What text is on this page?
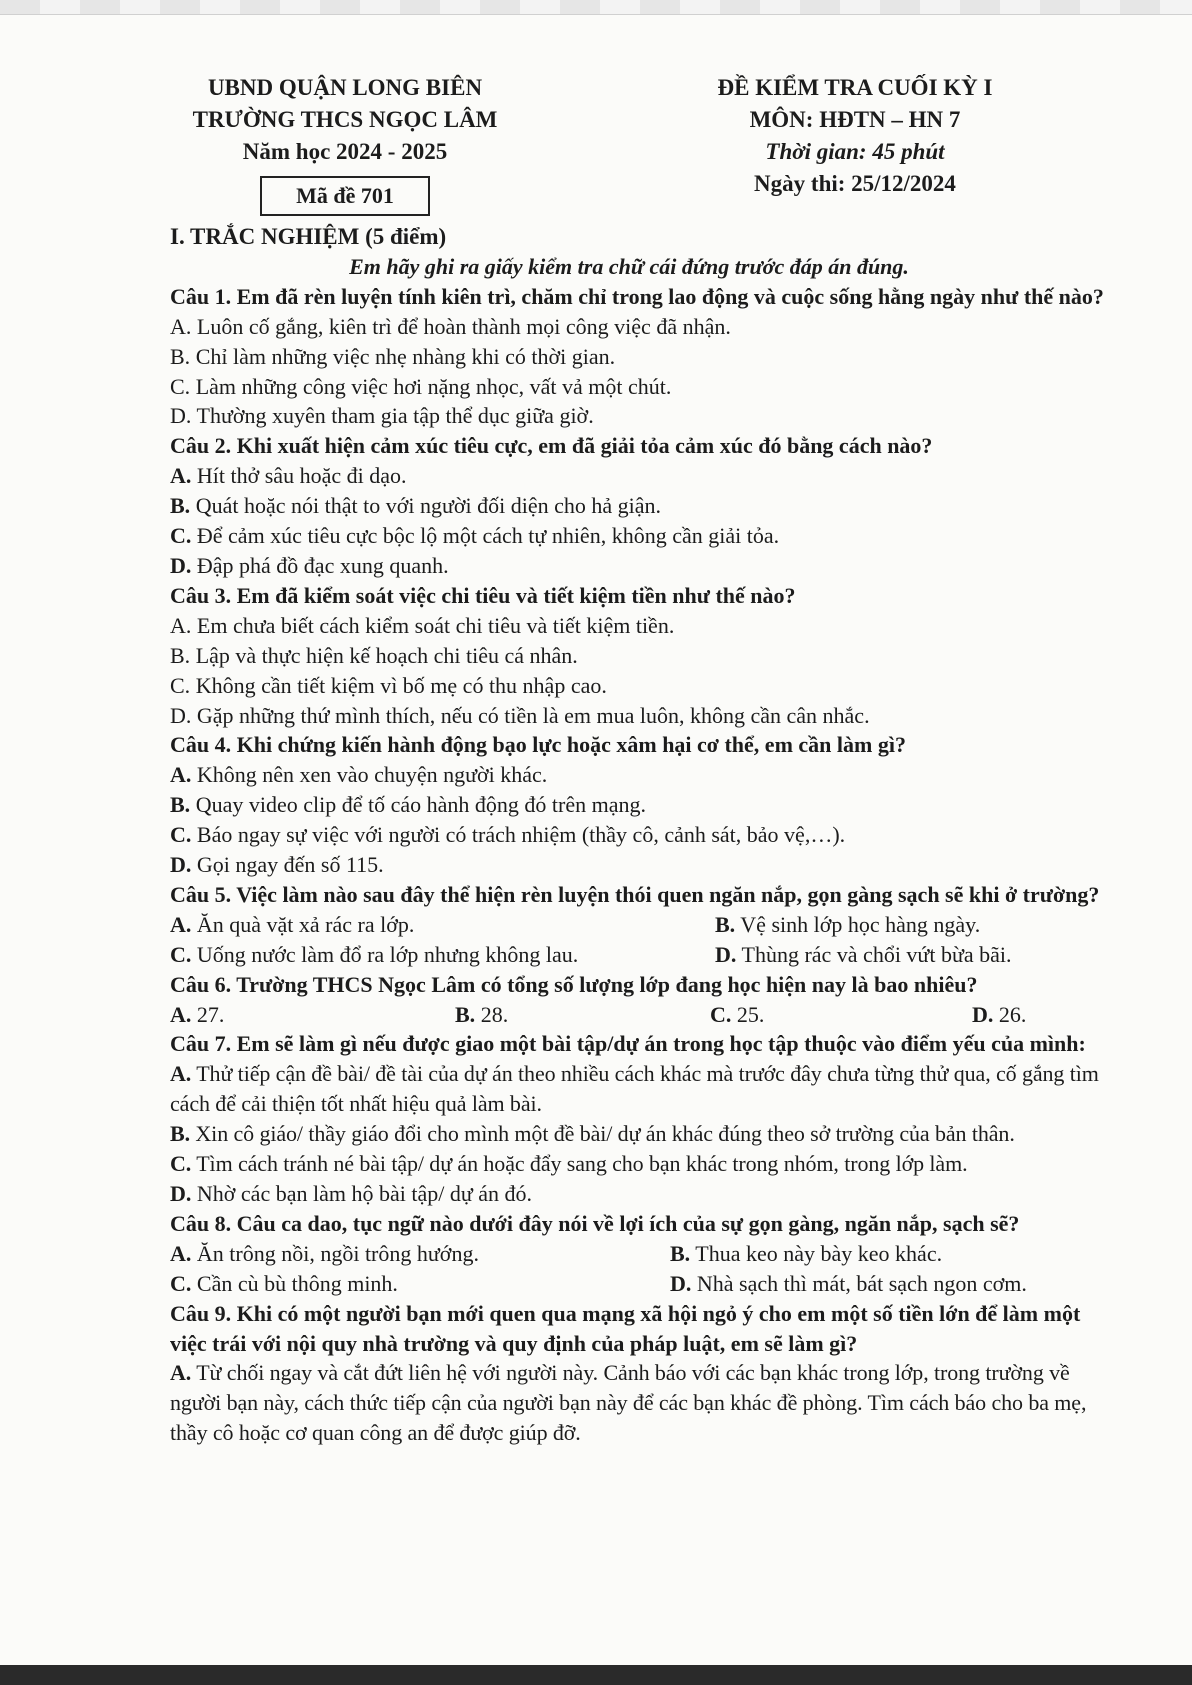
UBND QUẬN LONG BIÊN
TRƯỜNG THCS NGỌC LÂM
Năm học 2024 - 2025
Mã đề 701
ĐỀ KIỂM TRA CUỐI KỲ I
MÔN: HĐTN – HN 7
Thời gian: 45 phút
Ngày thi: 25/12/2024
I. TRẮC NGHIỆM (5 điểm)
Em hãy ghi ra giấy kiểm tra chữ cái đứng trước đáp án đúng.
Câu 1. Em đã rèn luyện tính kiên trì, chăm chỉ trong lao động và cuộc sống hằng ngày như thế nào?
A. Luôn cố gắng, kiên trì để hoàn thành mọi công việc đã nhận.
B. Chỉ làm những việc nhẹ nhàng khi có thời gian.
C. Làm những công việc hơi nặng nhọc, vất vả một chút.
D. Thường xuyên tham gia tập thể dục giữa giờ.
Câu 2. Khi xuất hiện cảm xúc tiêu cực, em đã giải tỏa cảm xúc đó bằng cách nào?
A. Hít thở sâu hoặc đi dạo.
B. Quát hoặc nói thật to với người đối diện cho hả giận.
C. Để cảm xúc tiêu cực bộc lộ một cách tự nhiên, không cần giải tỏa.
D. Đập phá đồ đạc xung quanh.
Câu 3. Em đã kiểm soát việc chi tiêu và tiết kiệm tiền như thế nào?
A. Em chưa biết cách kiểm soát chi tiêu và tiết kiệm tiền.
B. Lập và thực hiện kế hoạch chi tiêu cá nhân.
C. Không cần tiết kiệm vì bố mẹ có thu nhập cao.
D. Gặp những thứ mình thích, nếu có tiền là em mua luôn, không cần cân nhắc.
Câu 4. Khi chứng kiến hành động bạo lực hoặc xâm hại cơ thể, em cần làm gì?
A. Không nên xen vào chuyện người khác.
B. Quay video clip để tố cáo hành động đó trên mạng.
C. Báo ngay sự việc với người có trách nhiệm (thầy cô, cảnh sát, bảo vệ,…).
D. Gọi ngay đến số 115.
Câu 5. Việc làm nào sau đây thể hiện rèn luyện thói quen ngăn nắp, gọn gàng sạch sẽ khi ở trường?
A. Ăn quà vặt xả rác ra lớp.	B. Vệ sinh lớp học hàng ngày.
C. Uống nước làm đổ ra lớp nhưng không lau.	D. Thùng rác và chổi vứt bừa bãi.
Câu 6. Trường THCS Ngọc Lâm có tổng số lượng lớp đang học hiện nay là bao nhiêu?
A. 27.	B. 28.	C. 25.	D. 26.
Câu 7. Em sẽ làm gì nếu được giao một bài tập/dự án trong học tập thuộc vào điểm yếu của mình:
A. Thử tiếp cận đề bài/ đề tài của dự án theo nhiều cách khác mà trước đây chưa từng thử qua, cố gắng tìm cách để cải thiện tốt nhất hiệu quả làm bài.
B. Xin cô giáo/ thầy giáo đổi cho mình một đề bài/ dự án khác đúng theo sở trường của bản thân.
C. Tìm cách tránh né bài tập/ dự án hoặc đẩy sang cho bạn khác trong nhóm, trong lớp làm.
D. Nhờ các bạn làm hộ bài tập/ dự án đó.
Câu 8. Câu ca dao, tục ngữ nào dưới đây nói về lợi ích của sự gọn gàng, ngăn nắp, sạch sẽ?
A. Ăn trông nồi, ngồi trông hướng.	B. Thua keo này bày keo khác.
C. Cần cù bù thông minh.	D. Nhà sạch thì mát, bát sạch ngon cơm.
Câu 9. Khi có một người bạn mới quen qua mạng xã hội ngỏ ý cho em một số tiền lớn để làm một việc trái với nội quy nhà trường và quy định của pháp luật, em sẽ làm gì?
A. Từ chối ngay và cắt đứt liên hệ với người này. Cảnh báo với các bạn khác trong lớp, trong trường về người bạn này, cách thức tiếp cận của người bạn này để các bạn khác đề phòng. Tìm cách báo cho ba mẹ, thầy cô hoặc cơ quan công an để được giúp đỡ.
